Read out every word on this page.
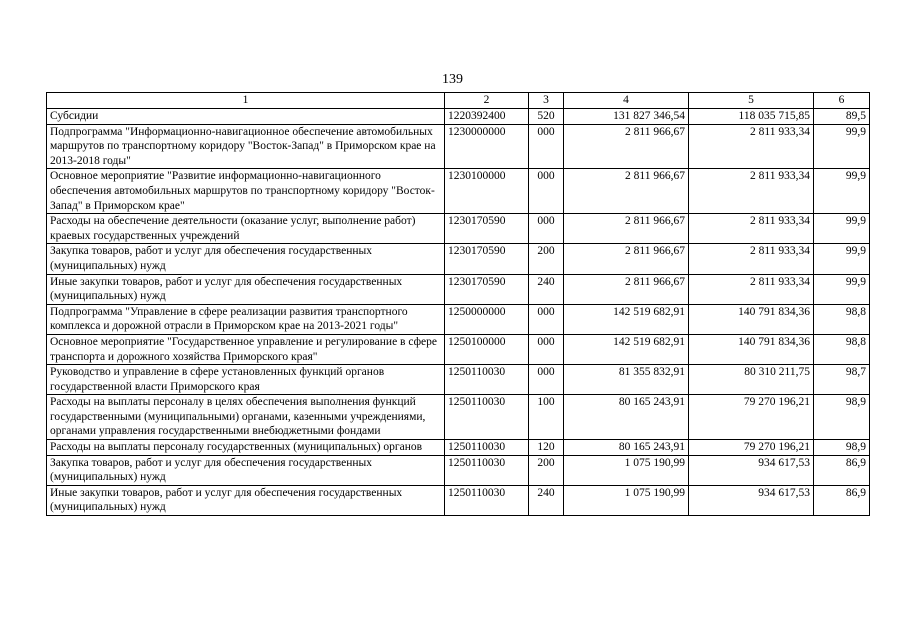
139
1	2	3	4	5	6
Субсидии	1220392400	520	131 827 346,54	118 035 715,85	89,5
Подпрограмма "Информационно-навигационное обеспечение автомобильных маршрутов по транспортному коридору "Восток-Запад" в Приморском крае на 2013-2018 годы"	1230000000	000	2 811 966,67	2 811 933,34	99,9
Основное мероприятие "Развитие информационно-навигационного обеспечения автомобильных маршрутов по транспортному коридору "Восток-Запад" в Приморском крае"	1230100000	000	2 811 966,67	2 811 933,34	99,9
Расходы на обеспечение деятельности (оказание услуг, выполнение работ) краевых государственных учреждений	1230170590	000	2 811 966,67	2 811 933,34	99,9
Закупка товаров, работ и услуг для обеспечения государственных (муниципальных) нужд	1230170590	200	2 811 966,67	2 811 933,34	99,9
Иные закупки товаров, работ и услуг для обеспечения государственных (муниципальных) нужд	1230170590	240	2 811 966,67	2 811 933,34	99,9
Подпрограмма "Управление в сфере реализации развития транспортного комплекса и дорожной отрасли в Приморском крае на 2013-2021 годы"	1250000000	000	142 519 682,91	140 791 834,36	98,8
Основное мероприятие "Государственное управление и регулирование в сфере транспорта и дорожного хозяйства Приморского края"	1250100000	000	142 519 682,91	140 791 834,36	98,8
Руководство и управление в сфере установленных функций органов государственной власти Приморского края	1250110030	000	81 355 832,91	80 310 211,75	98,7
Расходы на выплаты персоналу в целях обеспечения выполнения функций государственными (муниципальными) органами, казенными учреждениями, органами управления государственными внебюджетными фондами	1250110030	100	80 165 243,91	79 270 196,21	98,9
Расходы на выплаты персоналу государственных (муниципальных) органов	1250110030	120	80 165 243,91	79 270 196,21	98,9
Закупка товаров, работ и услуг для обеспечения государственных (муниципальных) нужд	1250110030	200	1 075 190,99	934 617,53	86,9
Иные закупки товаров, работ и услуг для обеспечения государственных (муниципальных) нужд	1250110030	240	1 075 190,99	934 617,53	86,9
